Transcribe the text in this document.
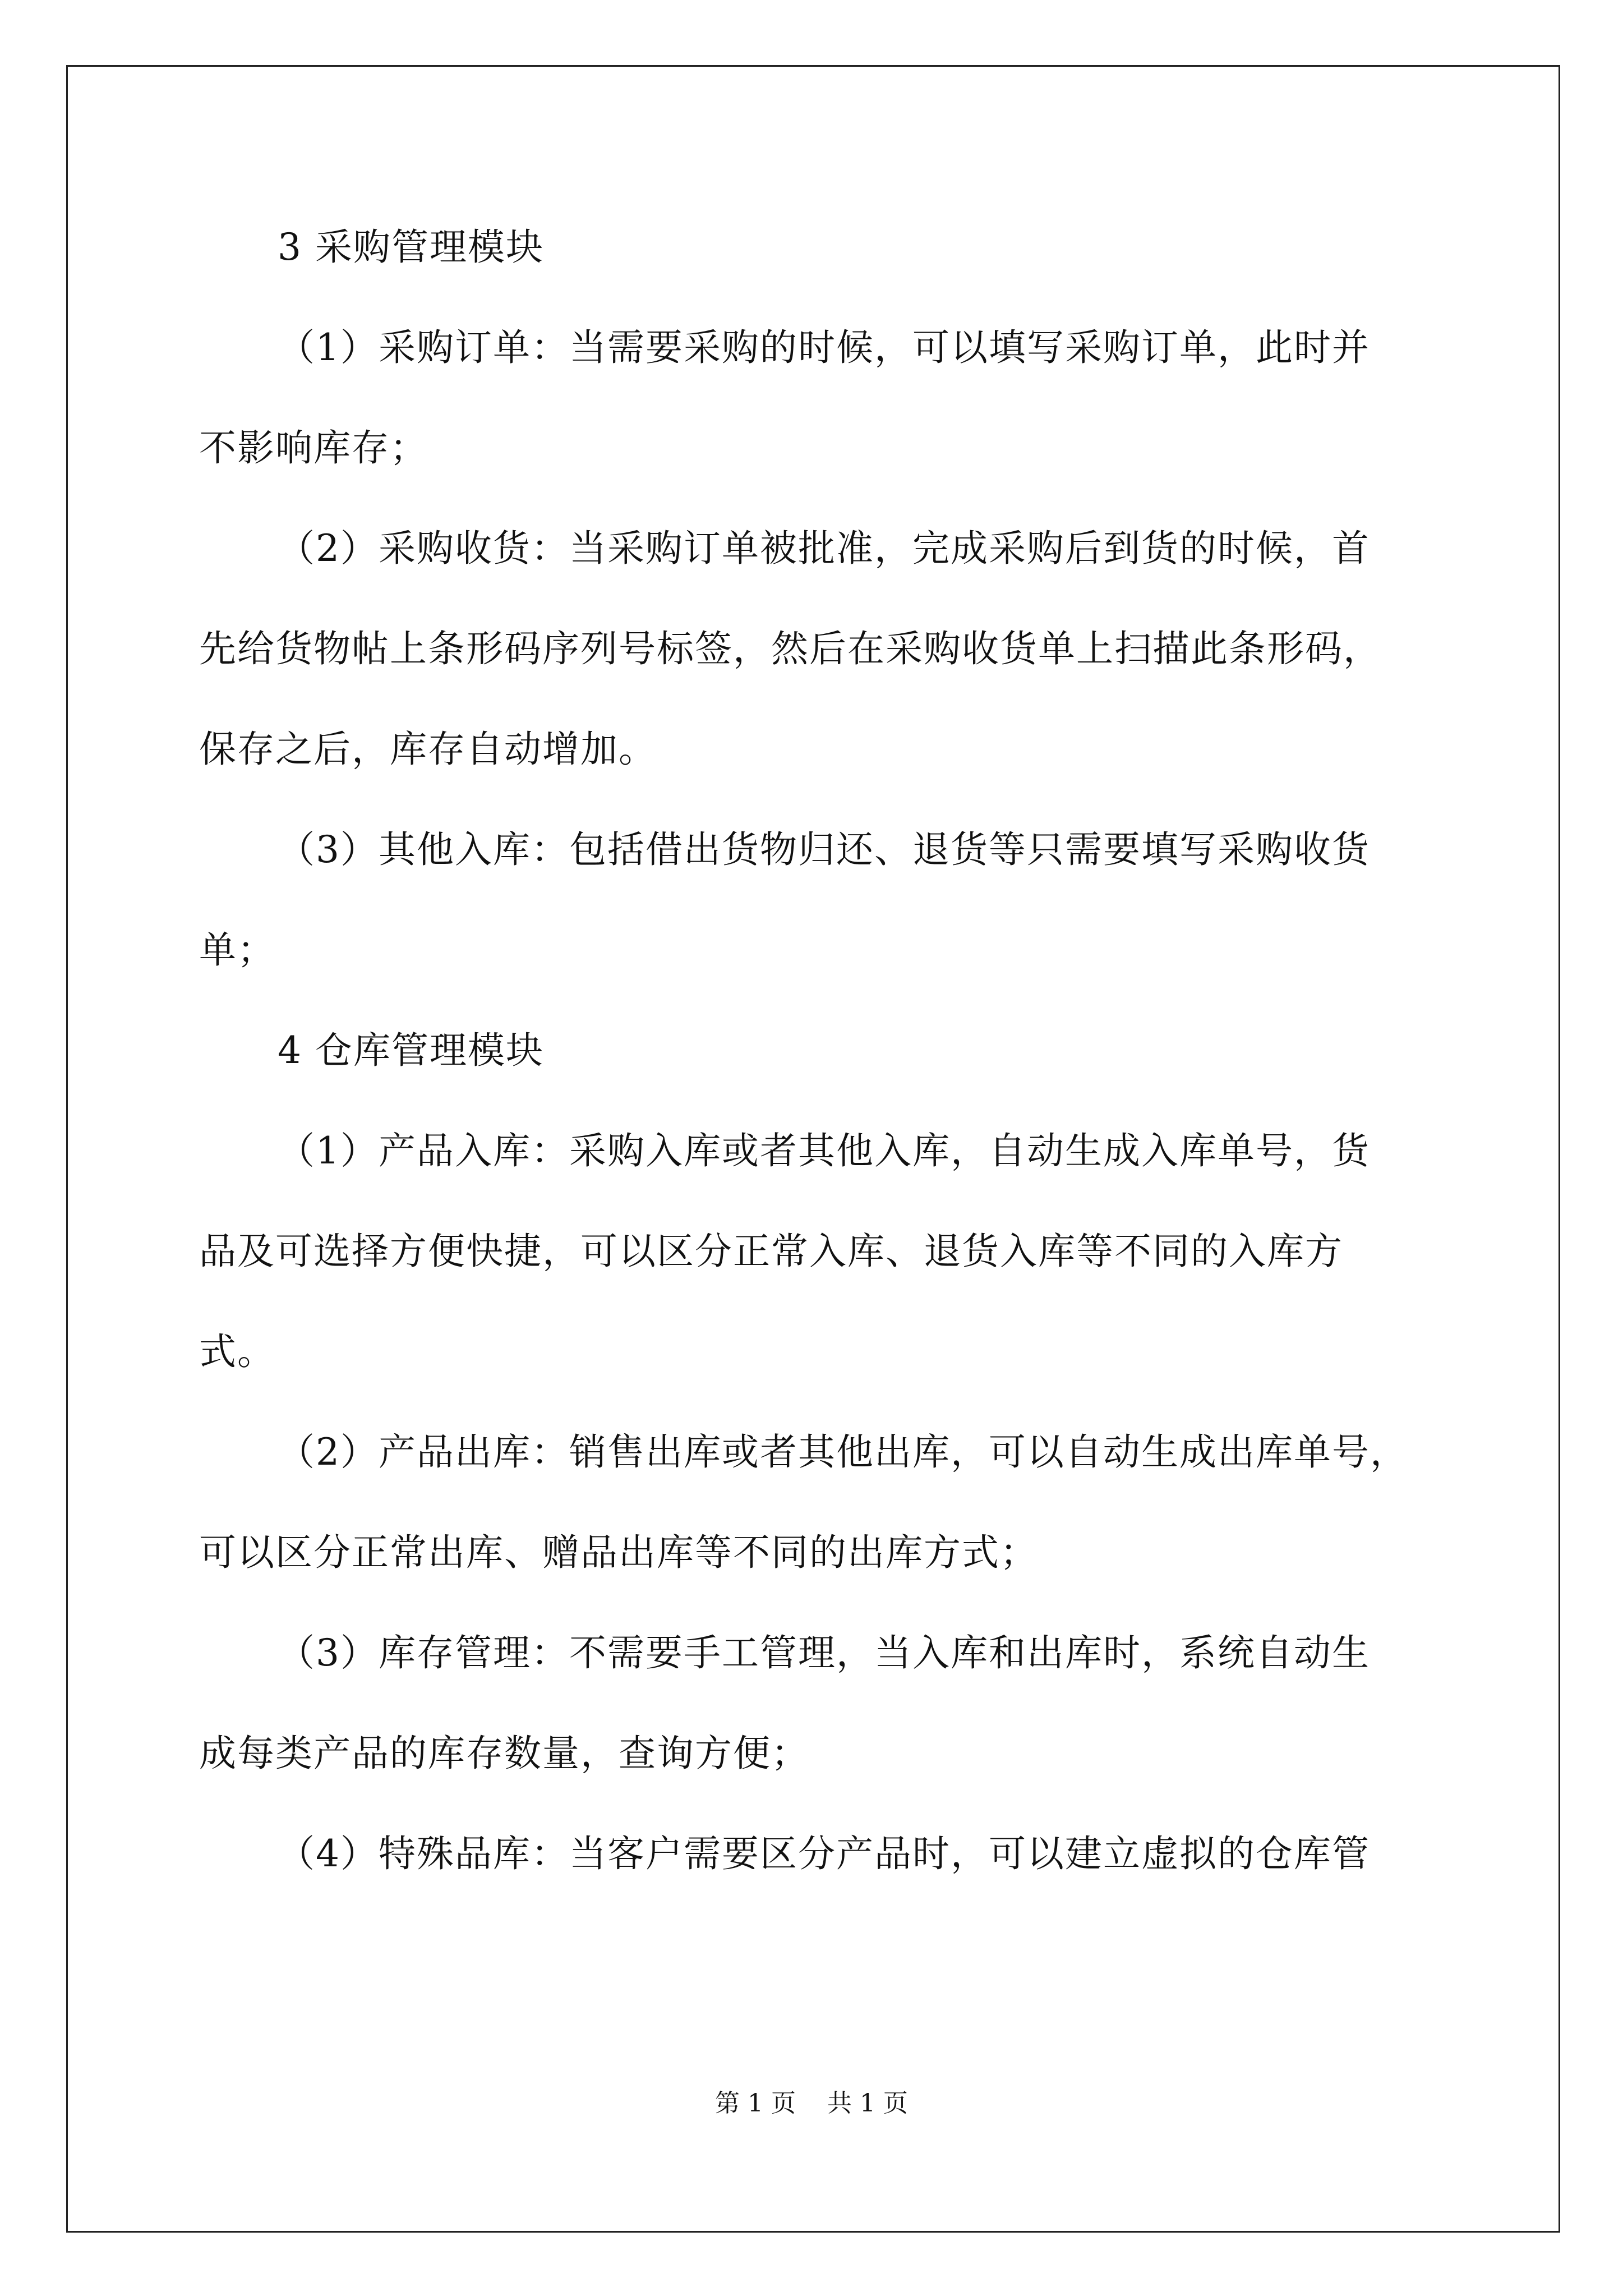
3 采购管理模块

（1）采购订单：当需要采购的时候，可以填写采购订单，此时并

不影响库存；

（2）采购收货：当采购订单被批准，完成采购后到货的时候，首

先给货物帖上条形码序列号标签，然后在采购收货单上扫描此条形码，

保存之后，库存自动增加。

（3）其他入库：包括借出货物归还、退货等只需要填写采购收货

单；

4 仓库管理模块

（1）产品入库：采购入库或者其他入库，自动生成入库单号，货

品及可选择方便快捷，可以区分正常入库、退货入库等不同的入库方

式。

（2）产品出库：销售出库或者其他出库，可以自动生成出库单号，

可以区分正常出库、赠品出库等不同的出库方式；

（3）库存管理：不需要手工管理，当入库和出库时，系统自动生

成每类产品的库存数量，查询方便；

（4）特殊品库：当客户需要区分产品时，可以建立虚拟的仓库管

第 1 页    共 1 页
